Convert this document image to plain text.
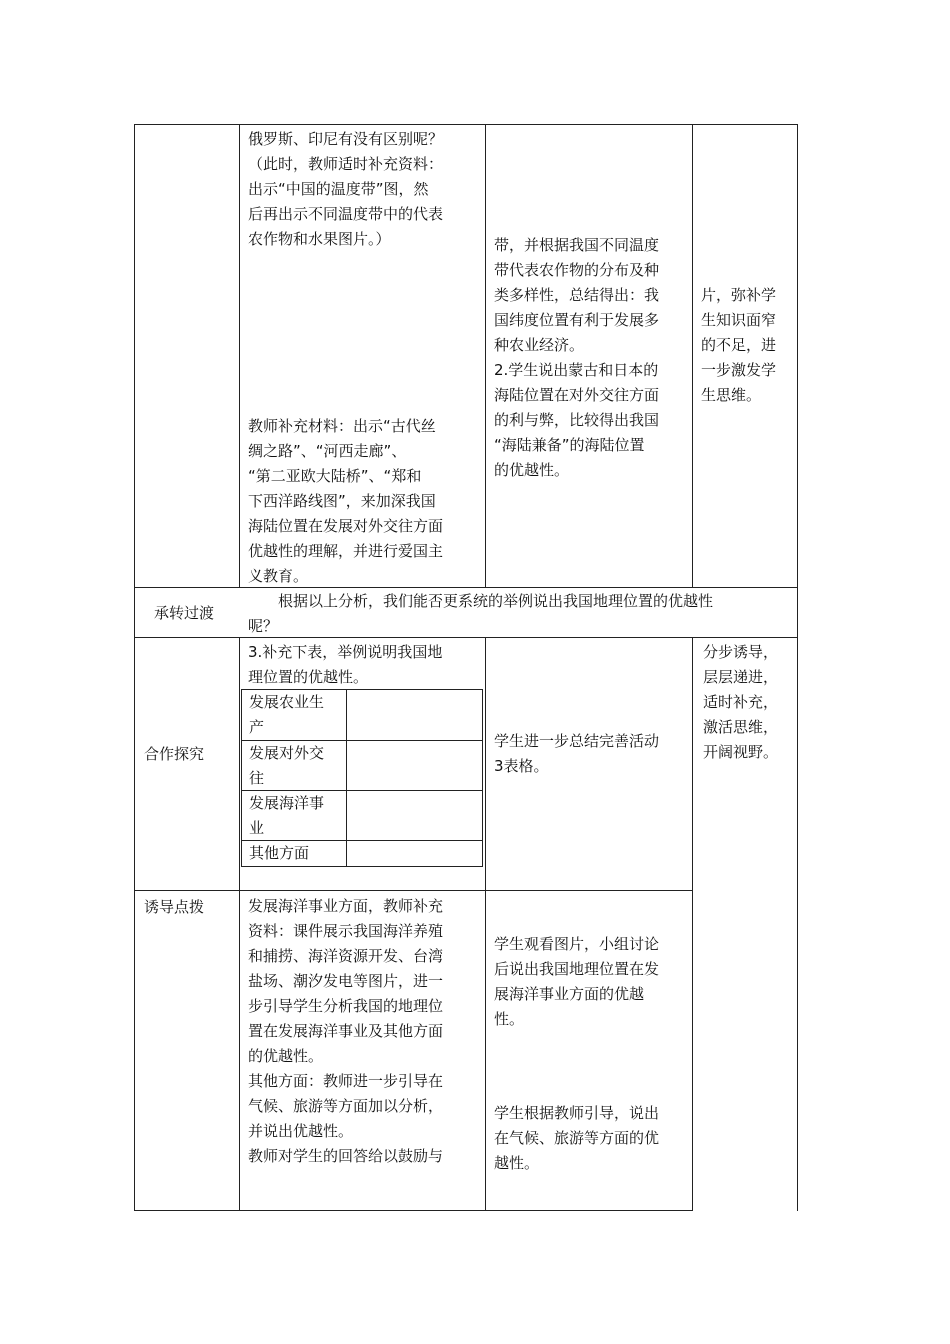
俄罗斯、印尼有没有区别呢？
（此时，教师适时补充资料：
出示“中国的温度带”图，然
后再出示不同温度带中的代表
农作物和水果图片。）

教师补充材料：出示“古代丝
绸之路”、“河西走廊”、
“第二亚欧大陆桥”、“郑和
下西洋路线图”，来加深我国
海陆位置在发展对外交往方面
优越性的理解，并进行爱国主
义教育。

带，并根据我国不同温度
带代表农作物的分布及种
类多样性，总结得出：我
国纬度位置有利于发展多
种农业经济。
2.学生说出蒙古和日本的
海陆位置在对外交往方面
的利与弊，比较得出我国
“海陆兼备”的海陆位置
的优越性。

片，弥补学
生知识面窄
的不足，进
一步激发学
生思维。

承转过渡

根据以上分析，我们能否更系统的举例说出我国地理位置的优越性
呢？

合作探究

3.补充下表，举例说明我国地
理位置的优越性。

发展农业生
产

发展对外交
往

发展海洋事
业

其他方面

学生进一步总结完善活动
3表格。

分步诱导，
层层递进，
适时补充，
激活思维，
开阔视野。

诱导点拨	发展海洋事业方面，教师补充
资料：课件展示我国海洋养殖
和捕捞、海洋资源开发、台湾
盐场、潮汐发电等图片，进一
步引导学生分析我国的地理位
置在发展海洋事业及其他方面
的优越性。

其他方面：教师进一步引导在
气候、旅游等方面加以分析，
并说出优越性。

教师对学生的回答给以鼓励与

学生观看图片，小组讨论
后说出我国地理位置在发
展海洋事业方面的优越
性。

学生根据教师引导，说出
在气候、旅游等方面的优
越性。
